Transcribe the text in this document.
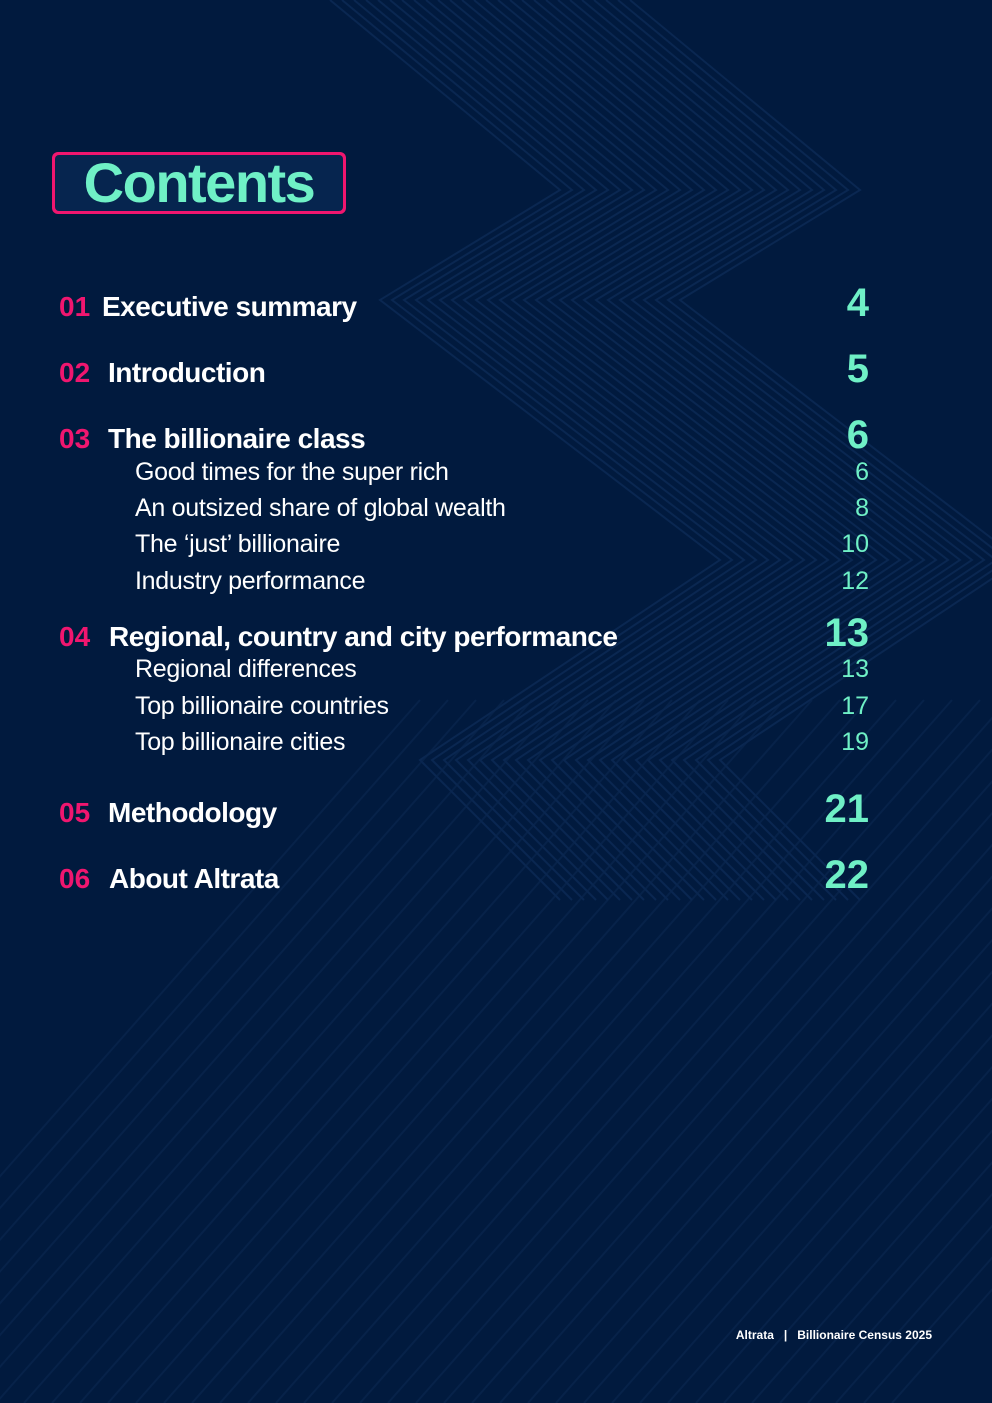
Contents
01 Executive summary	4
02 Introduction	5
03 The billionaire class	6
Good times for the super rich	6
An outsized share of global wealth	8
The ‘just’ billionaire	10
Industry performance	12
04 Regional, country and city performance	13
Regional differences	13
Top billionaire countries	17
Top billionaire cities	19
05 Methodology	21
06 About Altrata	22
Altrata | Billionaire Census 2025
